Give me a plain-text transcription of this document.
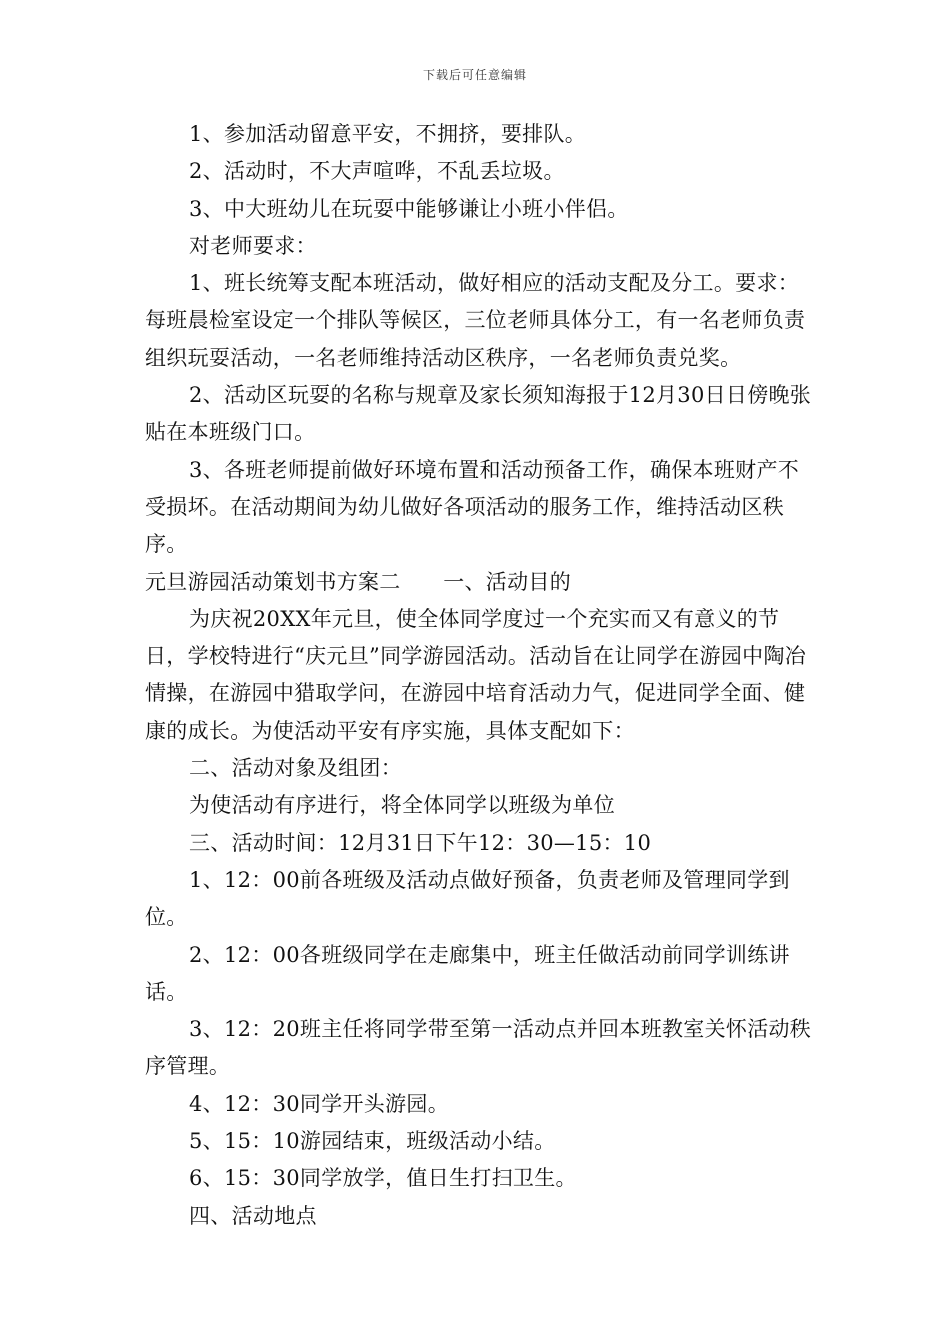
下载后可任意编辑

1、参加活动留意平安，不拥挤，要排队。

2、活动时，不大声喧哗，不乱丢垃圾。

3、中大班幼儿在玩耍中能够谦让小班小伴侣。

对老师要求：

1、班长统筹支配本班活动，做好相应的活动支配及分工。要求：每班晨检室设定一个排队等候区，三位老师具体分工，有一名老师负责组织玩耍活动，一名老师维持活动区秩序，一名老师负责兑奖。

2、活动区玩耍的名称与规章及家长须知海报于12月30日日傍晚张贴在本班级门口。

3、各班老师提前做好环境布置和活动预备工作，确保本班财产不受损坏。在活动期间为幼儿做好各项活动的服务工作，维持活动区秩序。

元旦游园活动策划书方案二　　一、活动目的

为庆祝20XX年元旦，使全体同学度过一个充实而又有意义的节日，学校特进行“庆元旦”同学游园活动。活动旨在让同学在游园中陶冶情操，在游园中猎取学问，在游园中培育活动力气，促进同学全面、健康的成长。为使活动平安有序实施，具体支配如下：

二、活动对象及组团：

为使活动有序进行，将全体同学以班级为单位

三、活动时间：12月31日下午12：30—15：10

1、12：00前各班级及活动点做好预备，负责老师及管理同学到位。

2、12：00各班级同学在走廊集中，班主任做活动前同学训练讲话。

3、12：20班主任将同学带至第一活动点并回本班教室关怀活动秩序管理。

4、12：30同学开头游园。

5、15：10游园结束，班级活动小结。

6、15：30同学放学，值日生打扫卫生。

四、活动地点
